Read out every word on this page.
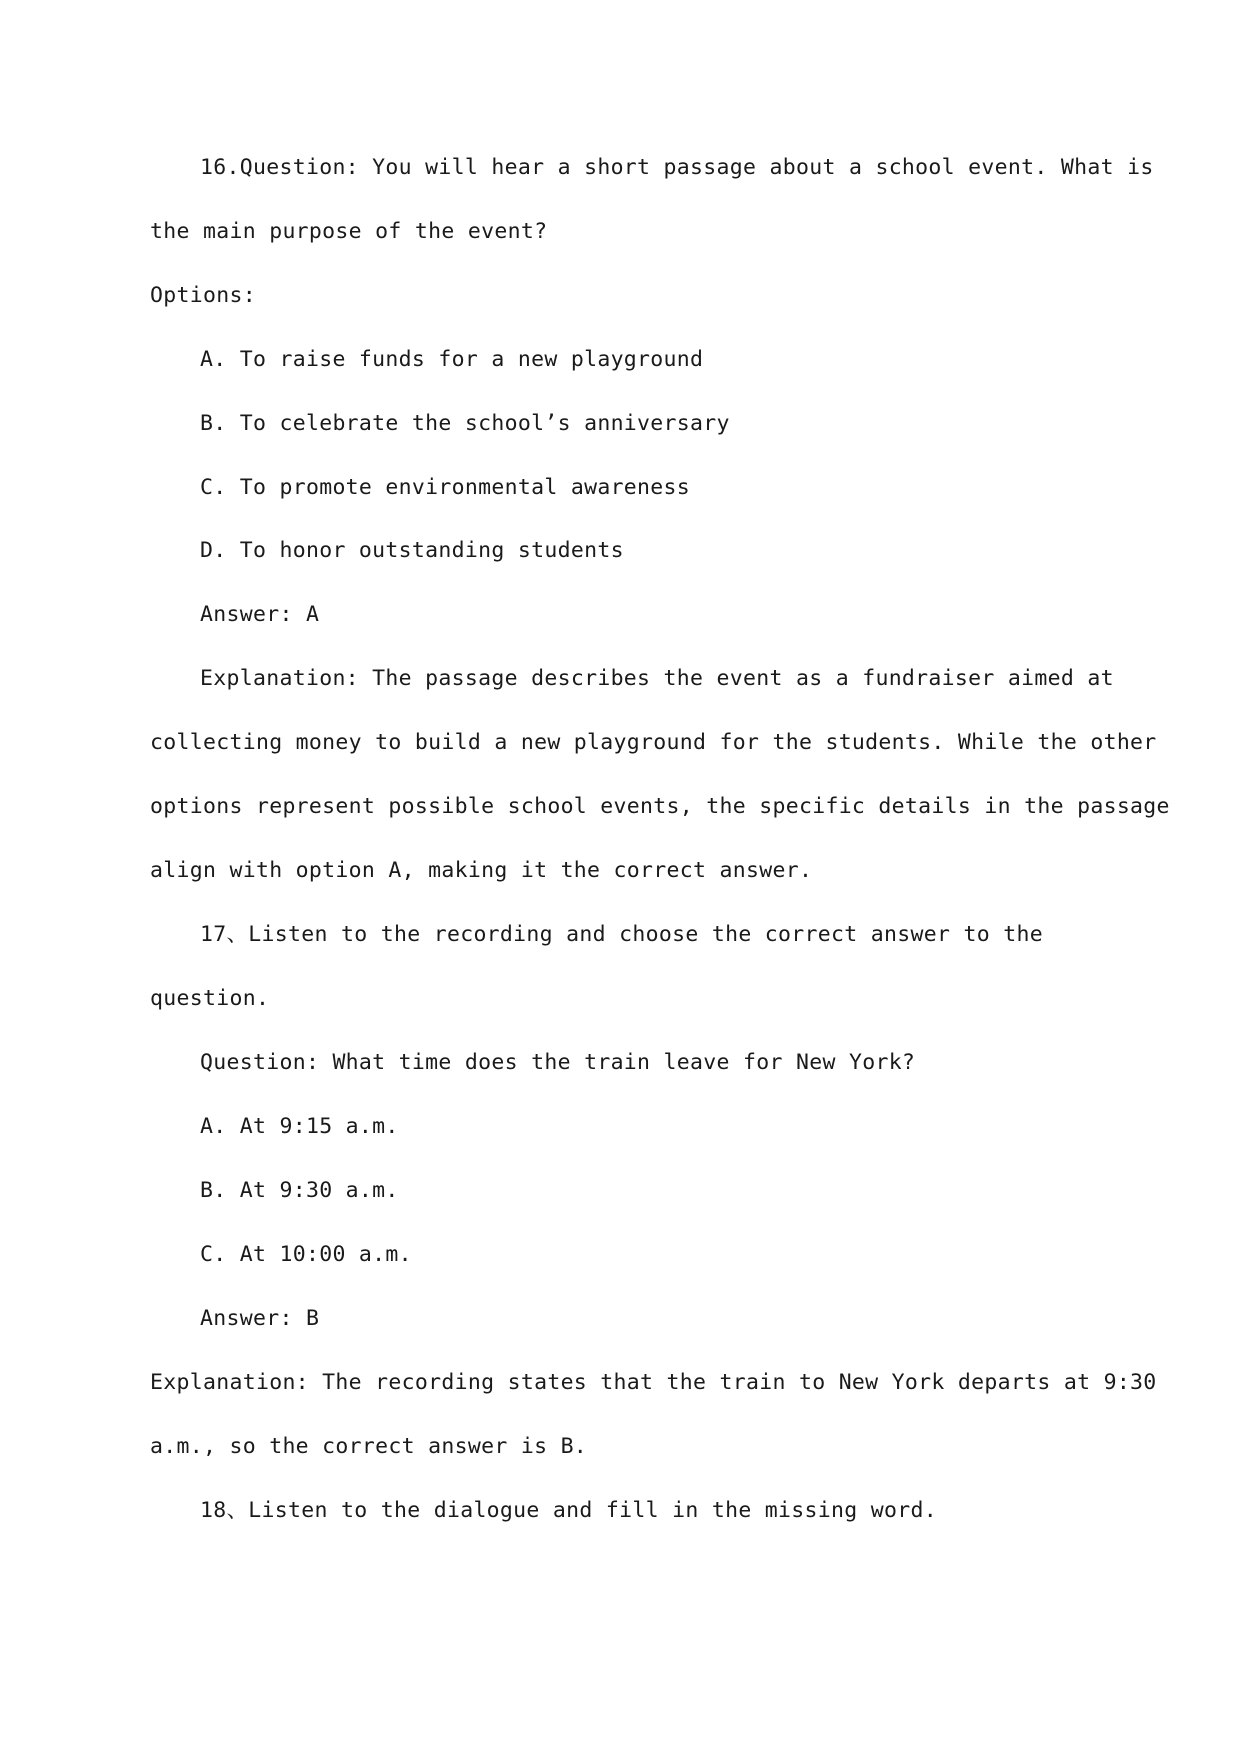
16.Question: You will hear a short passage about a school event. What is
the main purpose of the event?
Options:
A. To raise funds for a new playground
B. To celebrate the school’s anniversary
C. To promote environmental awareness
D. To honor outstanding students
Answer: A
Explanation: The passage describes the event as a fundraiser aimed at
collecting money to build a new playground for the students. While the other
options represent possible school events, the specific details in the passage
align with option A, making it the correct answer.
17、Listen to the recording and choose the correct answer to the
question.
Question: What time does the train leave for New York?
A. At 9:15 a.m.
B. At 9:30 a.m.
C. At 10:00 a.m.
Answer: B
Explanation: The recording states that the train to New York departs at 9:30
a.m., so the correct answer is B.
18、Listen to the dialogue and fill in the missing word.
